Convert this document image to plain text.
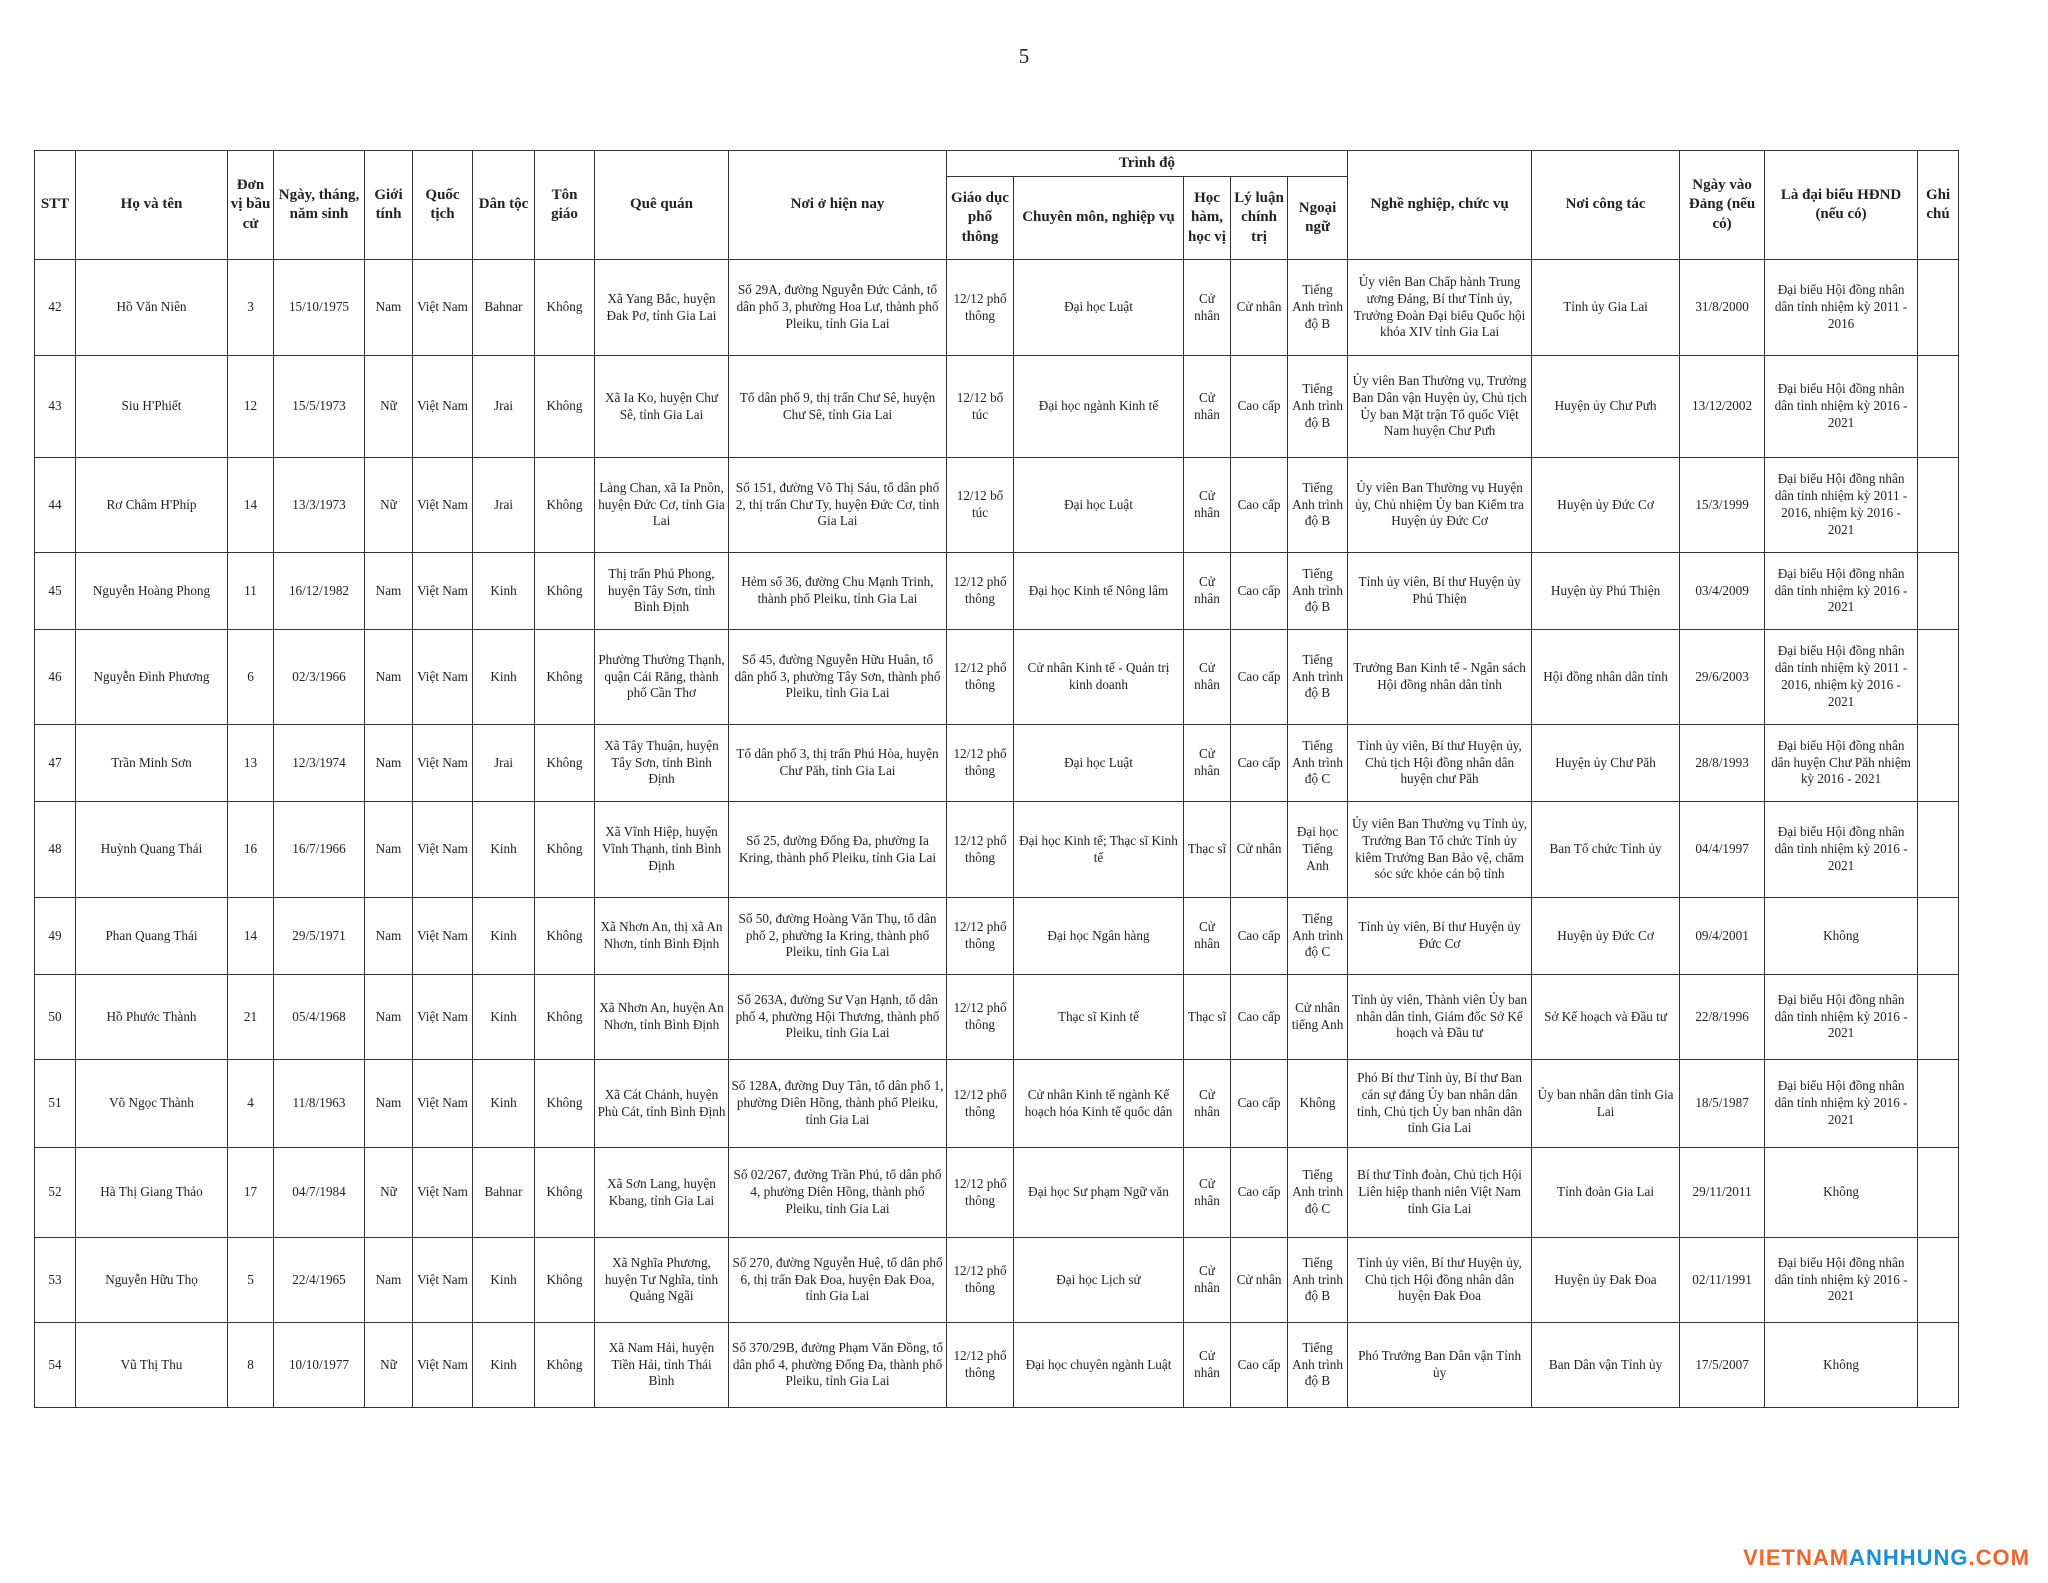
5
STT	Họ và tên	Đơn vị bầu cử	Ngày, tháng, năm sinh	Giới tính	Quốc tịch	Dân tộc	Tôn giáo	Quê quán	Nơi ở hiện nay	Trình độ					Nghề nghiệp, chức vụ	Nơi công tác	Ngày vào Đảng (nếu có)	Là đại biểu HĐND (nếu có)	Ghi chú
										Giáo dục phổ thông	Chuyên môn, nghiệp vụ	Học hàm, học vị	Lý luận chính trị	Ngoại ngữ					
42	Hồ Văn Niên	3	15/10/1975	Nam	Việt Nam	Bahnar	Không	Xã Yang Bắc, huyện Đak Pơ, tỉnh Gia Lai	Số 29A, đường Nguyễn Đức Cảnh, tổ dân phố 3, phường Hoa Lư, thành phố Pleiku, tỉnh Gia Lai	12/12 phổ thông	Đại học Luật	Cử nhân	Cử nhân	Tiếng Anh trình độ B	Ủy viên Ban Chấp hành Trung ương Đảng, Bí thư Tỉnh ủy, Trưởng Đoàn Đại biểu Quốc hội khóa XIV tỉnh Gia Lai	Tỉnh ủy Gia Lai	31/8/2000	Đại biểu Hội đồng nhân dân tỉnh nhiệm kỳ 2011 - 2016	
43	Siu H'Phiết	12	15/5/1973	Nữ	Việt Nam	Jrai	Không	Xã Ia Ko, huyện Chư Sê, tỉnh Gia Lai	Tổ dân phố 9, thị trấn Chư Sê, huyện Chư Sê, tỉnh Gia Lai	12/12 bổ túc	Đại học ngành Kinh tế	Cử nhân	Cao cấp	Tiếng Anh trình độ B	Ủy viên Ban Thường vụ, Trưởng Ban Dân vận Huyện ủy, Chủ tịch Ủy ban Mặt trận Tổ quốc Việt Nam huyện Chư Pưh	Huyện ủy Chư Pưh	13/12/2002	Đại biểu Hội đồng nhân dân tỉnh nhiệm kỳ 2016 - 2021	
44	Rơ Châm H'Phíp	14	13/3/1973	Nữ	Việt Nam	Jrai	Không	Làng Chan, xã Ia Pnôn, huyện Đức Cơ, tỉnh Gia Lai	Số 151, đường Võ Thị Sáu, tổ dân phố 2, thị trấn Chư Ty, huyện Đức Cơ, tỉnh Gia Lai	12/12 bổ túc	Đại học Luật	Cử nhân	Cao cấp	Tiếng Anh trình độ B	Ủy viên Ban Thường vụ Huyện ủy, Chủ nhiệm Ủy ban Kiểm tra Huyện ủy Đức Cơ	Huyện ủy Đức Cơ	15/3/1999	Đại biểu Hội đồng nhân dân tỉnh nhiệm kỳ 2011 - 2016, nhiệm kỳ 2016 - 2021	
45	Nguyễn Hoàng Phong	11	16/12/1982	Nam	Việt Nam	Kinh	Không	Thị trấn Phú Phong, huyện Tây Sơn, tỉnh Bình Định	Hẻm số 36, đường Chu Mạnh Trinh, thành phố Pleiku, tỉnh Gia Lai	12/12 phổ thông	Đại học Kinh tế Nông lâm	Cử nhân	Cao cấp	Tiếng Anh trình độ B	Tỉnh ủy viên, Bí thư Huyện ủy Phú Thiện	Huyện ủy Phú Thiện	03/4/2009	Đại biểu Hội đồng nhân dân tỉnh nhiệm kỳ 2016 - 2021	
46	Nguyễn Đình Phương	6	02/3/1966	Nam	Việt Nam	Kinh	Không	Phường Thường Thạnh, quận Cái Răng, thành phố Cần Thơ	Số 45, đường Nguyễn Hữu Huân, tổ dân phố 3, phường Tây Sơn, thành phố Pleiku, tỉnh Gia Lai	12/12 phổ thông	Cử nhân Kinh tế - Quản trị kinh doanh	Cử nhân	Cao cấp	Tiếng Anh trình độ B	Trưởng Ban Kinh tế - Ngân sách Hội đồng nhân dân tỉnh	Hội đồng nhân dân tỉnh	29/6/2003	Đại biểu Hội đồng nhân dân tỉnh nhiệm kỳ 2011 - 2016, nhiệm kỳ 2016 - 2021	
47	Trần Minh Sơn	13	12/3/1974	Nam	Việt Nam	Jrai	Không	Xã Tây Thuận, huyện Tây Sơn, tỉnh Bình Định	Tổ dân phố 3, thị trấn Phú Hòa, huyện Chư Păh, tỉnh Gia Lai	12/12 phổ thông	Đại học Luật	Cử nhân	Cao cấp	Tiếng Anh trình độ C	Tỉnh ủy viên, Bí thư Huyện ủy, Chủ tịch Hội đồng nhân dân huyện chư Păh	Huyện ủy Chư Păh	28/8/1993	Đại biểu Hội đồng nhân dân huyện Chư Păh nhiệm kỳ 2016 - 2021	
48	Huỳnh Quang Thái	16	16/7/1966	Nam	Việt Nam	Kinh	Không	Xã Vĩnh Hiệp, huyện Vĩnh Thạnh, tỉnh Bình Định	Số 25, đường Đống Đa, phường Ia Kring, thành phố Pleiku, tỉnh Gia Lai	12/12 phổ thông	Đại học Kinh tế; Thạc sĩ Kinh tế	Thạc sĩ	Cử nhân	Đại học Tiếng Anh	Ủy viên Ban Thường vụ Tỉnh ủy, Trưởng Ban Tổ chức Tỉnh ủy kiêm Trưởng Ban Bảo vệ, chăm sóc sức khỏe cán bộ tỉnh	Ban Tổ chức Tỉnh ủy	04/4/1997	Đại biểu Hội đồng nhân dân tỉnh nhiệm kỳ 2016 - 2021	
49	Phan Quang Thái	14	29/5/1971	Nam	Việt Nam	Kinh	Không	Xã Nhơn An, thị xã An Nhơn, tỉnh Bình Định	Số 50, đường Hoàng Văn Thụ, tổ dân phố 2, phường Ia Kring, thành phố Pleiku, tỉnh Gia Lai	12/12 phổ thông	Đại học Ngân hàng	Cử nhân	Cao cấp	Tiếng Anh trình độ C	Tỉnh ủy viên, Bí thư Huyện ủy Đức Cơ	Huyện ủy Đức Cơ	09/4/2001	Không	
50	Hồ Phước Thành	21	05/4/1968	Nam	Việt Nam	Kinh	Không	Xã Nhơn An, huyện An Nhơn, tỉnh Bình Định	Số 263A, đường Sư Vạn Hạnh, tổ dân phố 4, phường Hội Thương, thành phố Pleiku, tỉnh Gia Lai	12/12 phổ thông	Thạc sĩ Kinh tế	Thạc sĩ	Cao cấp	Cử nhân tiếng Anh	Tỉnh ủy viên, Thành viên Ủy ban nhân dân tỉnh, Giám đốc Sở Kế hoạch và Đầu tư	Sở Kế hoạch và Đầu tư	22/8/1996	Đại biểu Hội đồng nhân dân tỉnh nhiệm kỳ 2016 - 2021	
51	Võ Ngọc Thành	4	11/8/1963	Nam	Việt Nam	Kinh	Không	Xã Cát Chánh, huyện Phù Cát, tỉnh Bình Định	Số 128A, đường Duy Tân, tổ dân phố 1, phường Diên Hồng, thành phố Pleiku, tỉnh Gia Lai	12/12 phổ thông	Cử nhân Kinh tế ngành Kế hoạch hóa Kinh tế quốc dân	Cử nhân	Cao cấp	Không	Phó Bí thư Tỉnh ủy, Bí thư Ban cán sự đảng Ủy ban nhân dân tỉnh, Chủ tịch Ủy ban nhân dân tỉnh Gia Lai	Ủy ban nhân dân tỉnh Gia Lai	18/5/1987	Đại biểu Hội đồng nhân dân tỉnh nhiệm kỳ 2016 - 2021	
52	Hà Thị Giang Thảo	17	04/7/1984	Nữ	Việt Nam	Bahnar	Không	Xã Sơn Lang, huyện Kbang, tỉnh Gia Lai	Số 02/267, đường Trần Phú, tổ dân phố 4, phường Diên Hồng, thành phố Pleiku, tỉnh Gia Lai	12/12 phổ thông	Đại học Sư phạm Ngữ văn	Cử nhân	Cao cấp	Tiếng Anh trình độ C	Bí thư Tỉnh đoàn, Chủ tịch Hội Liên hiệp thanh niên Việt Nam tỉnh Gia Lai	Tỉnh đoàn Gia Lai	29/11/2011	Không	
53	Nguyễn Hữu Thọ	5	22/4/1965	Nam	Việt Nam	Kinh	Không	Xã Nghĩa Phương, huyện Tư Nghĩa, tỉnh Quảng Ngãi	Số 270, đường Nguyễn Huệ, tổ dân phố 6, thị trấn Đak Đoa, huyện Đak Đoa, tỉnh Gia Lai	12/12 phổ thông	Đại học Lịch sử	Cử nhân	Cử nhân	Tiếng Anh trình độ B	Tỉnh ủy viên, Bí thư Huyện ủy, Chủ tịch Hội đồng nhân dân huyện Đak Đoa	Huyện ủy Đak Đoa	02/11/1991	Đại biểu Hội đồng nhân dân tỉnh nhiệm kỳ 2016 - 2021	
54	Vũ Thị Thu	8	10/10/1977	Nữ	Việt Nam	Kinh	Không	Xã Nam Hải, huyện Tiền Hải, tỉnh Thái Bình	Số 370/29B, đường Phạm Văn Đồng, tổ dân phố 4, phường Đống Đa, thành phố Pleiku, tỉnh Gia Lai	12/12 phổ thông	Đại học chuyên ngành Luật	Cử nhân	Cao cấp	Tiếng Anh trình độ B	Phó Trưởng Ban Dân vận Tỉnh ủy	Ban Dân vận Tỉnh ủy	17/5/2007	Không	
VIETNAMANHHUNG.COM
